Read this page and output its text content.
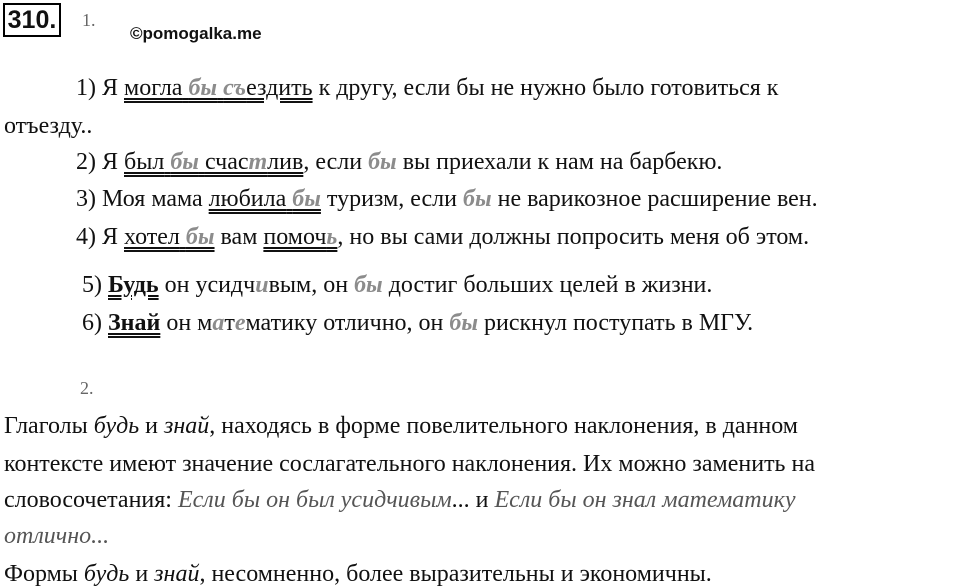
310. 1.
©pomogalka.me
1) Я могла бы съездить к другу, если бы не нужно было готовиться к
отъезду..
2) Я был бы счастлив, если бы вы приехали к нам на барбекю.
3) Моя мама любила бы туризм, если бы не варикозное расширение вен.
4) Я хотел бы вам помочь, но вы сами должны попросить меня об этом.
5) Будь он усидчивым, он бы достиг больших целей в жизни.
6) Знай он математику отлично, он бы рискнул поступать в МГУ.
2.
Глаголы будь и знай, находясь в форме повелительного наклонения, в данном
контексте имеют значение сослагательного наклонения. Их можно заменить на
словосочетания: Если бы он был усидчивым... и Если бы он знал математику
отлично...
Формы будь и знай, несомненно, более выразительны и экономичны.
